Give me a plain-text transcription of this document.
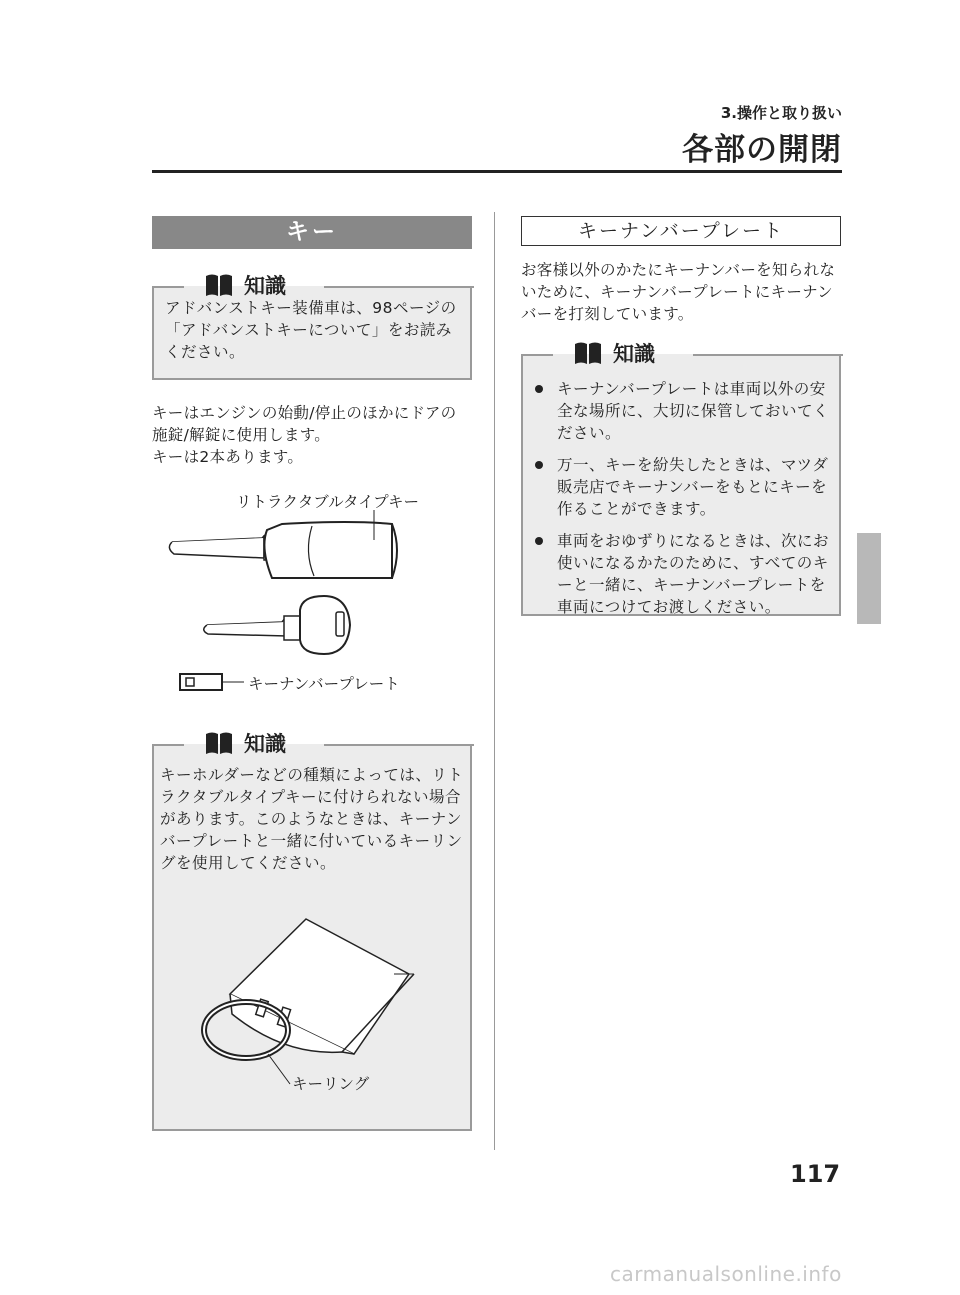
3.操作と取り扱い
各部の開閉
キー
知識
アドバンストキー装備車は、98ページの「アドバンストキーについて」をお読みください。
キーはエンジンの始動/停止のほかにドアの
施錠/解錠に使用します。
キーは2本あります。
リトラクタブルタイプキー
キーナンバープレート
知識
キーホルダーなどの種類によっては、リトラクタブルタイプキーに付けられない場合があります。このようなときは、キーナンバープレートと一緒に付いているキーリングを使用してください。
キーリング
キーナンバープレート
お客様以外のかたにキーナンバーを知られないために、キーナンバープレートにキーナンバーを打刻しています。
知識
キーナンバープレートは車両以外の安全な場所に、大切に保管しておいてください。
万一、キーを紛失したときは、マツダ販売店でキーナンバーをもとにキーを作ることができます。
車両をおゆずりになるときは、次にお使いになるかたのために、すべてのキーと一緒に、キーナンバープレートを車両につけてお渡しください。
117
carmanualsonline.info
